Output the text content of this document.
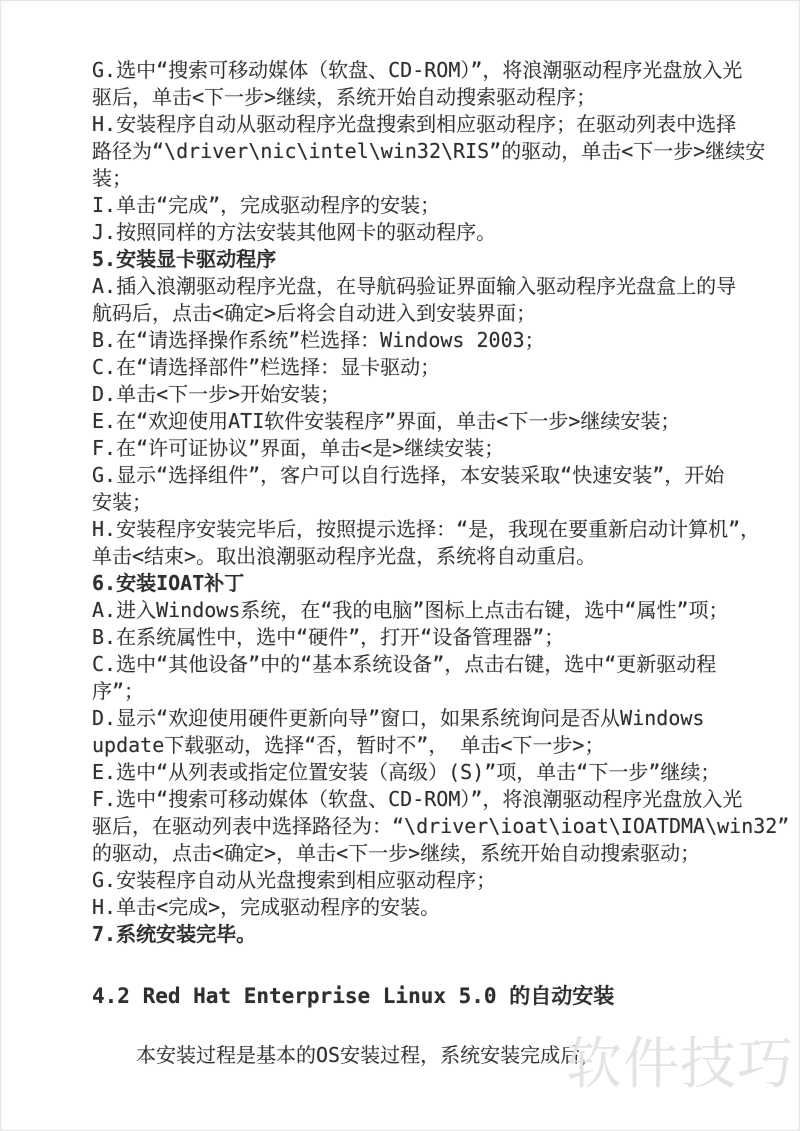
G.选中“搜索可移动媒体（软盘、CD-ROM）”，将浪潮驱动程序光盘放入光
驱后，单击<下一步>继续，系统开始自动搜索驱动程序；
H.安装程序自动从驱动程序光盘搜索到相应驱动程序；在驱动列表中选择
路径为“\driver\nic\intel\win32\RIS”的驱动，单击<下一步>继续安
装；
I.单击“完成”，完成驱动程序的安装；
J.按照同样的方法安装其他网卡的驱动程序。
5.安装显卡驱动程序
A.插入浪潮驱动程序光盘，在导航码验证界面输入驱动程序光盘盒上的导
航码后，点击<确定>后将会自动进入到安装界面；
B.在“请选择操作系统”栏选择：Windows 2003；
C.在“请选择部件”栏选择：显卡驱动；
D.单击<下一步>开始安装；
E.在“欢迎使用ATI软件安装程序”界面，单击<下一步>继续安装；
F.在“许可证协议”界面，单击<是>继续安装；
G.显示“选择组件”，客户可以自行选择，本安装采取“快速安装”，开始
安装；
H.安装程序安装完毕后，按照提示选择：“是，我现在要重新启动计算机”，
单击<结束>。取出浪潮驱动程序光盘，系统将自动重启。
6.安装IOAT补丁
A.进入Windows系统，在“我的电脑”图标上点击右键，选中“属性”项；
B.在系统属性中，选中“硬件”，打开“设备管理器”；
C.选中“其他设备”中的“基本系统设备”，点击右键，选中“更新驱动程
序”；
D.显示“欢迎使用硬件更新向导”窗口，如果系统询问是否从Windows
update下载驱动，选择“否，暂时不”， 单击<下一步>；
E.选中“从列表或指定位置安装（高级）(S)”项，单击“下一步”继续；
F.选中“搜索可移动媒体（软盘、CD-ROM）”，将浪潮驱动程序光盘放入光
驱后，在驱动列表中选择路径为：“\driver\ioat\ioat\IOATDMA\win32”
的驱动，点击<确定>，单击<下一步>继续，系统开始自动搜索驱动；
G.安装程序自动从光盘搜索到相应驱动程序；
H.单击<完成>，完成驱动程序的安装。
7.系统安装完毕。
4.2 Red Hat Enterprise Linux 5.0 的自动安装

本安装过程是基本的OS安装过程，系统安装完成后，

软件技巧
